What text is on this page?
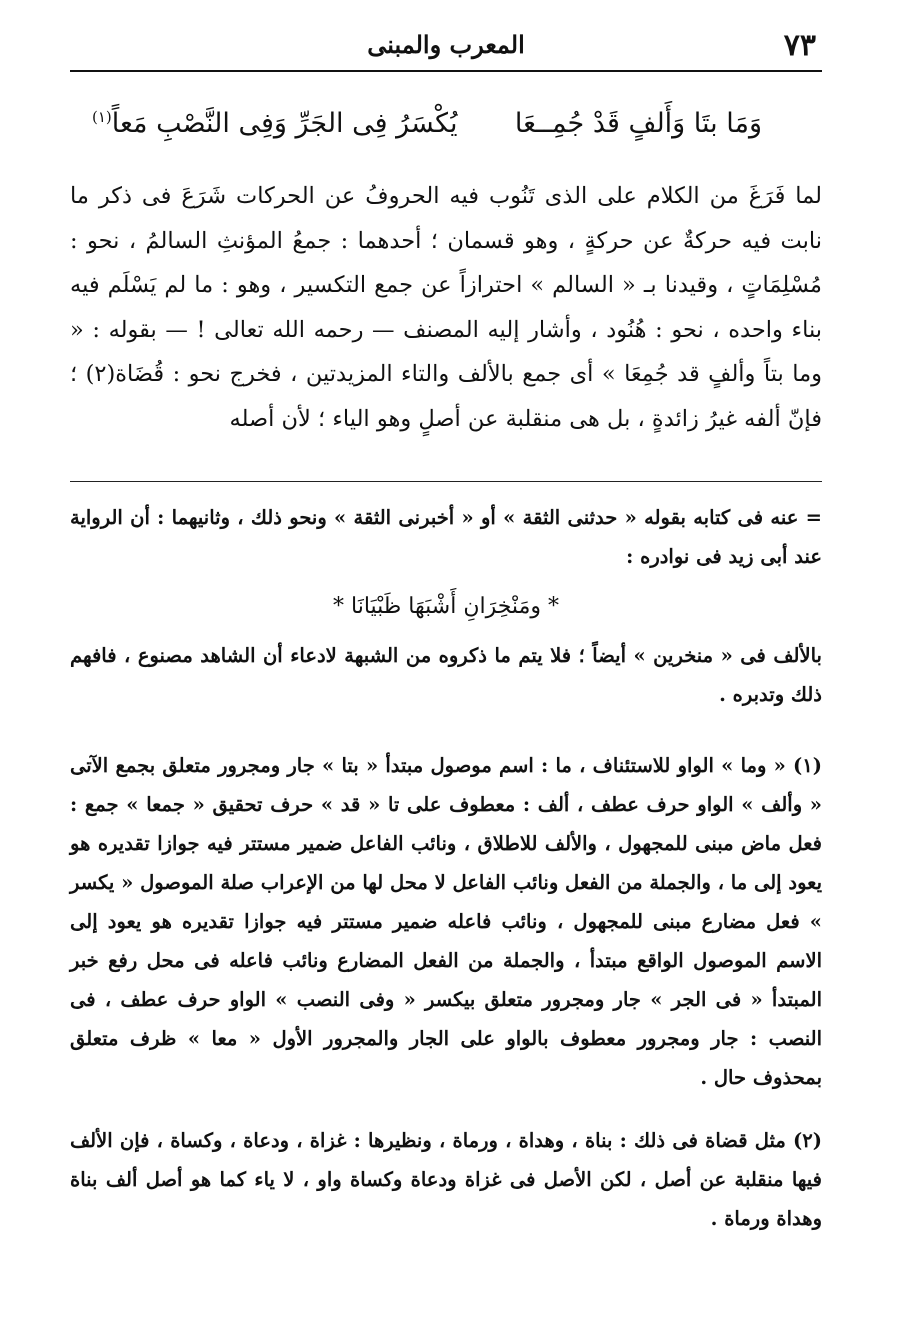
٧٣
المعرب والمبنى
وَمَا بتَا وَأَلفٍ قَدْ جُمِــعَا
يُكْسَرُ فِى الجَرِّ وَفِى النَّصْبِ مَعاً$^{(١)}$

لما فَرَغَ من الكلام على الذى تَنُوب فيه الحروفُ عن الحركات شَرَعَ فى ذكر ما نابت فيه حركةٌ عن حركةٍ ، وهو قسمان ؛ أحدهما : جمعُ المؤنثِ السالمُ ، نحو : مُسْلِمَاتٍ ، وقيدنا بـ « السالم » احترازاً عن جمع التكسير ، وهو : ما لم يَسْلَم فيه بناء واحده ، نحو : هُنُود ، وأشار إليه المصنف — رحمه الله تعالى ! — بقوله : « وما بتاً وألفٍ قد جُمِعَا » أى جمع بالألف والتاء المزيدتين ، فخرج نحو : قُضَاة(٢) ؛ فإنّ ألفه غيرُ زائدةٍ ، بل هى منقلبة عن أصلٍ وهو الياء ؛ لأن أصله

= عنه فى كتابه بقوله « حدثنى الثقة » أو « أخبرنى الثقة » ونحو ذلك ، وثانيهما : أن الرواية عند أبى زيد فى نوادره :

* ومَنْخِرَانِ أَشْبَهَا ظَبْيَانَا *

بالألف فى « منخرين » أيضاً ؛ فلا يتم ما ذكروه من الشبهة لادعاء أن الشاهد مصنوع ، فافهم ذلك وتدبره .

(١) « وما » الواو للاستئناف ، ما : اسم موصول مبتدأ « بتا » جار ومجرور متعلق بجمع الآتى « وألف » الواو حرف عطف ، ألف : معطوف على تا « قد » حرف تحقيق « جمعا » جمع : فعل ماض مبنى للمجهول ، والألف للاطلاق ، ونائب الفاعل ضمير مستتر فيه جوازا تقديره هو يعود إلى ما ، والجملة من الفعل ونائب الفاعل لا محل لها من الإعراب صلة الموصول « يكسر » فعل مضارع مبنى للمجهول ، ونائب فاعله ضمير مستتر فيه جوازا تقديره هو يعود إلى الاسم الموصول الواقع مبتدأ ، والجملة من الفعل المضارع ونائب فاعله فى محل رفع خبر المبتدأ « فى الجر » جار ومجرور متعلق بيكسر « وفى النصب » الواو حرف عطف ، فى النصب : جار ومجرور معطوف بالواو على الجار والمجرور الأول « معا » ظرف متعلق بمحذوف حال .

(٢) مثل قضاة فى ذلك : بناة ، وهداة ، ورماة ، ونظيرها : غزاة ، ودعاة ، وكساة ، فإن الألف فيها منقلبة عن أصل ، لكن الأصل فى غزاة ودعاة وكساة واو ، لا ياء كما هو أصل ألف بناة وهداة ورماة .
